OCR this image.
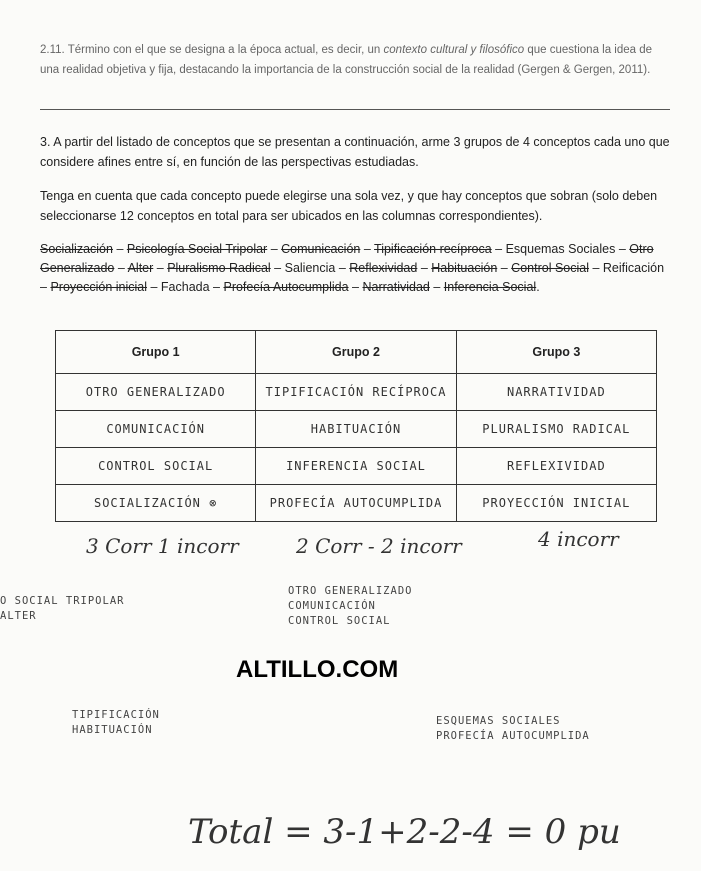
2.11. Término con el que se designa a la época actual, es decir, un contexto cultural y filosófico que cuestiona la idea de una realidad objetiva y fija, destacando la importancia de la construcción social de la realidad (Gergen & Gergen, 2011).
3. A partir del listado de conceptos que se presentan a continuación, arme 3 grupos de 4 conceptos cada uno que considere afines entre sí, en función de las perspectivas estudiadas.
Tenga en cuenta que cada concepto puede elegirse una sola vez, y que hay conceptos que sobran (solo deben seleccionarse 12 conceptos en total para ser ubicados en las columnas correspondientes).
Socialización – Psicología Social Tripolar – Comunicación – Tipificación recíproca – Esquemas Sociales – Otro Generalizado – Alter – Pluralismo Radical – Saliencia – Reflexividad – Habituación – Control Social – Reificación – Proyección inicial – Fachada – Profecía Autocumplida – Narratividad – Inferencia Social.
Grupo 1	Grupo 2	Grupo 3
OTRO GENERALIZADO	TIPIFICACIÓN RECÍPROCA	NARRATIVIDAD
COMUNICACIÓN	HABITUACIÓN	PLURALISMO RADICAL
CONTROL SOCIAL	INFERENCIA SOCIAL	REFLEXIVIDAD
SOCIALIZACIÓN ⊗	PROFECÍA AUTOCUMPLIDA	PROYECCIÓN INICIAL
3 Corr 1 incorr	2 Corr - 2 incorr	4 incorr
O SOCIAL TRIPOLAR
ALTER
OTRO GENERALIZADO
COMUNICACIÓN
CONTROL SOCIAL
ALTILLO.COM
TIPIFICACIÓN
HABITUACIÓN
ESQUEMAS SOCIALES
PROFECÍA AUTOCUMPLIDA
Total = 3-1+2-2-4 = 0 pu
